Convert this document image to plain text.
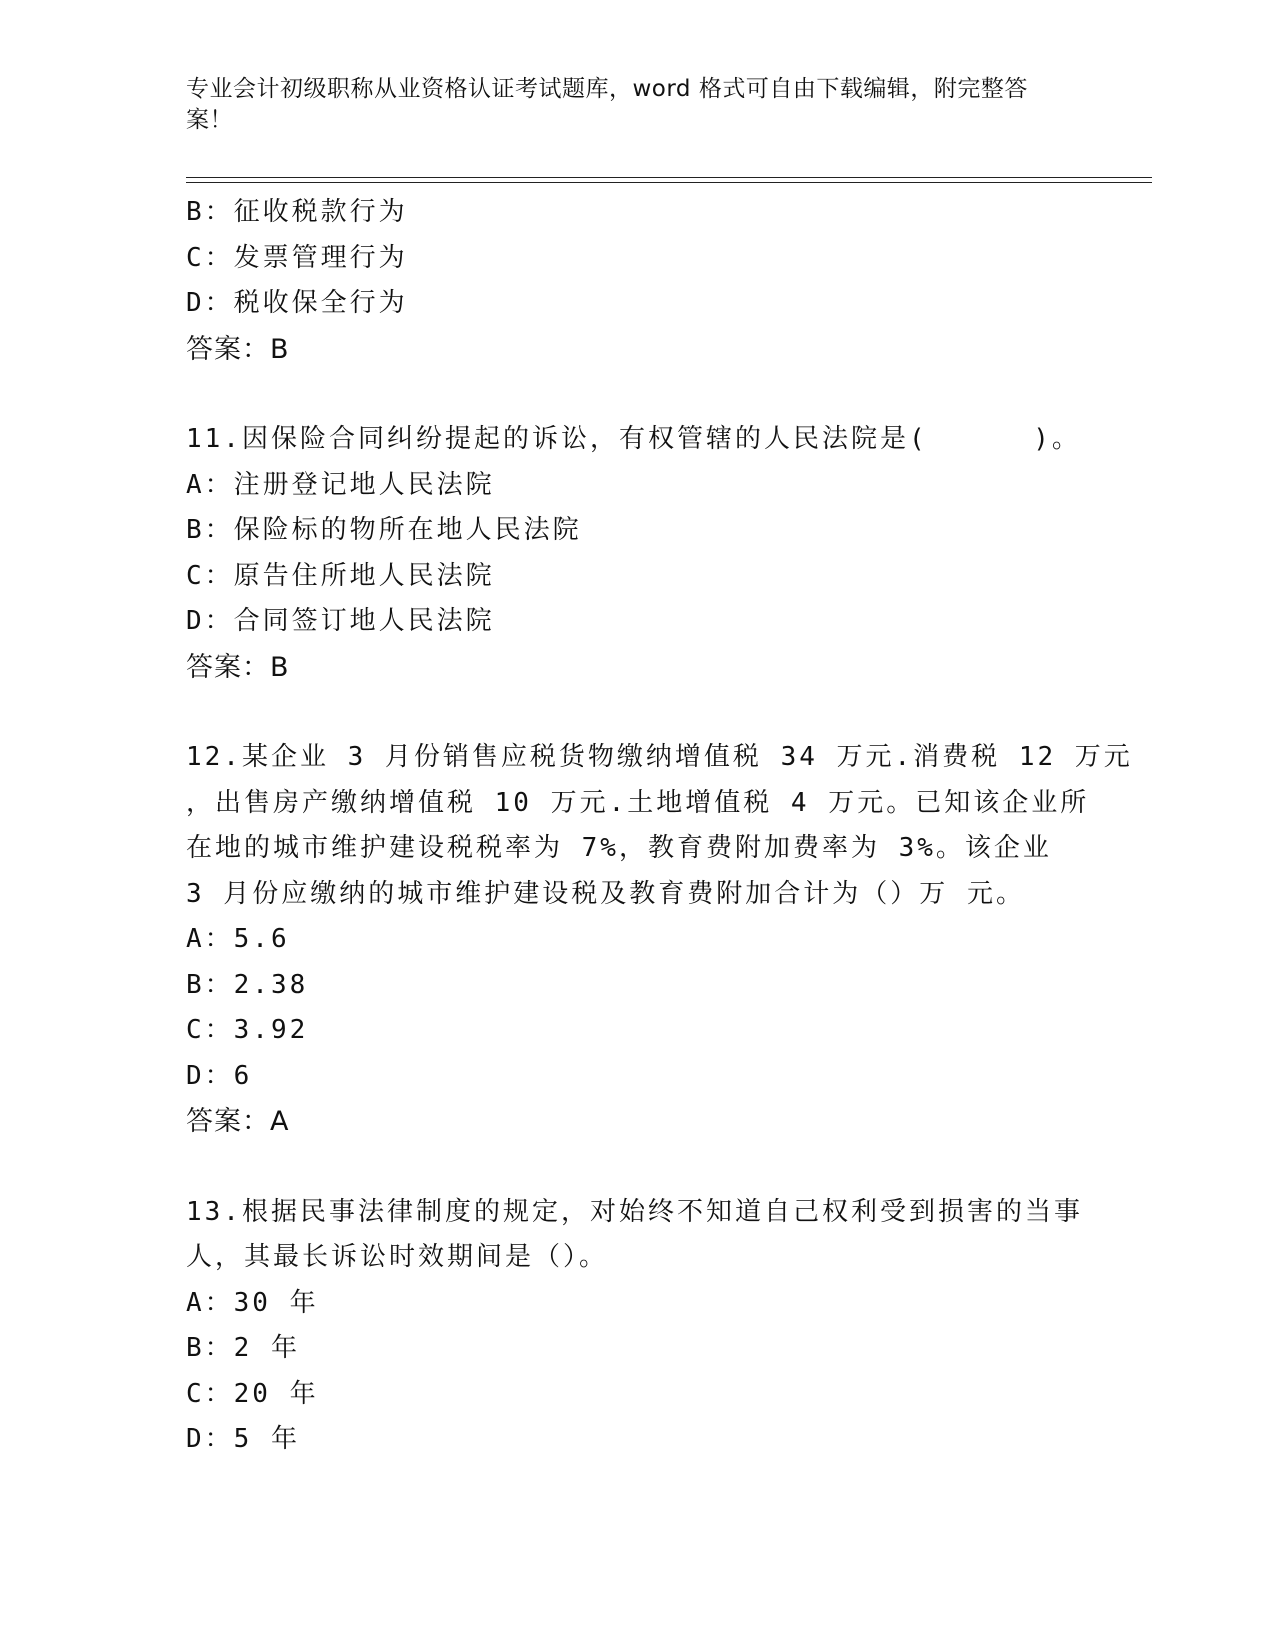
专业会计初级职称从业资格认证考试题库，word 格式可自由下载编辑，附完整答
案！
B：征收税款行为
C：发票管理行为
D：税收保全行为
答案：B
11.因保险合同纠纷提起的诉讼，有权管辖的人民法院是(　　　 )。
A：注册登记地人民法院
B：保险标的物所在地人民法院
C：原告住所地人民法院
D：合同签订地人民法院
答案：B
12.某企业 3 月份销售应税货物缴纳增值税 34 万元.消费税 12 万元
，出售房产缴纳增值税 10 万元.土地增值税 4 万元。已知该企业所
在地的城市维护建设税税率为 7%，教育费附加费率为 3%。该企业
3 月份应缴纳的城市维护建设税及教育费附加合计为（）万 元。
A：5.6
B：2.38
C：3.92
D：6
答案：A
13.根据民事法律制度的规定，对始终不知道自己权利受到损害的当事
人，其最长诉讼时效期间是（）。
A：30 年
B：2 年
C：20 年
D：5 年
